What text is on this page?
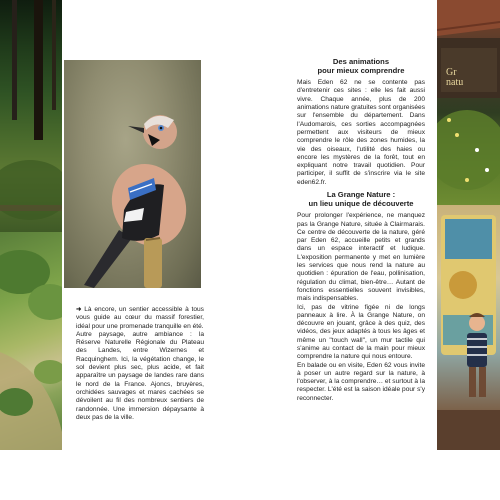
Gr
natu

➜ Là encore, un sentier accessible à tous vous guide au cœur du massif forestier, idéal pour une promenade tranquille en été.

Autre paysage, autre ambiance : la Réserve Naturelle Régionale du Plateau des Landes, entre Wizernes et Racquinghem. Ici, la végétation change, le sol devient plus sec, plus acide, et fait apparaître un paysage de landes rare dans le nord de la France. Ajoncs, bruyères, orchidées sauvages et mares cachées se dévoilent au fil des nombreux sentiers de randonnée. Une immersion dépaysante à deux pas de la ville.

Des animations
pour mieux comprendre

Mais Eden 62 ne se contente pas d'entretenir ces sites : elle les fait aussi vivre. Chaque année, plus de 200 animations nature gratuites sont organisées sur l'ensemble du département. Dans l'Audomarois, ces sorties accompagnées permettent aux visiteurs de mieux comprendre le rôle des zones humides, la vie des oiseaux, l'utilité des haies ou encore les mystères de la forêt, tout en expliquant notre travail quotidien. Pour participer, il suffit de s'inscrire via le site eden62.fr.

La Grange Nature :
un lieu unique de découverte

Pour prolonger l'expérience, ne manquez pas la Grange Nature, située à Clairmarais. Ce centre de découverte de la nature, géré par Eden 62, accueille petits et grands dans un espace interactif et ludique. L'exposition permanente y met en lumière les services que nous rend la nature au quotidien : épuration de l'eau, pollinisation, régulation du climat, bien-être… Autant de fonctions essentielles souvent invisibles, mais indispensables.

Ici, pas de vitrine figée ni de longs panneaux à lire. À la Grange Nature, on découvre en jouant, grâce à des quiz, des vidéos, des jeux adaptés à tous les âges et même un "touch wall", un mur tactile qui s'anime au contact de la main pour mieux comprendre la nature qui nous entoure.

En balade ou en visite, Eden 62 vous invite à poser un autre regard sur la nature, à l'observer, à la comprendre… et surtout à la respecter. L'été est la saison idéale pour s'y reconnecter.
